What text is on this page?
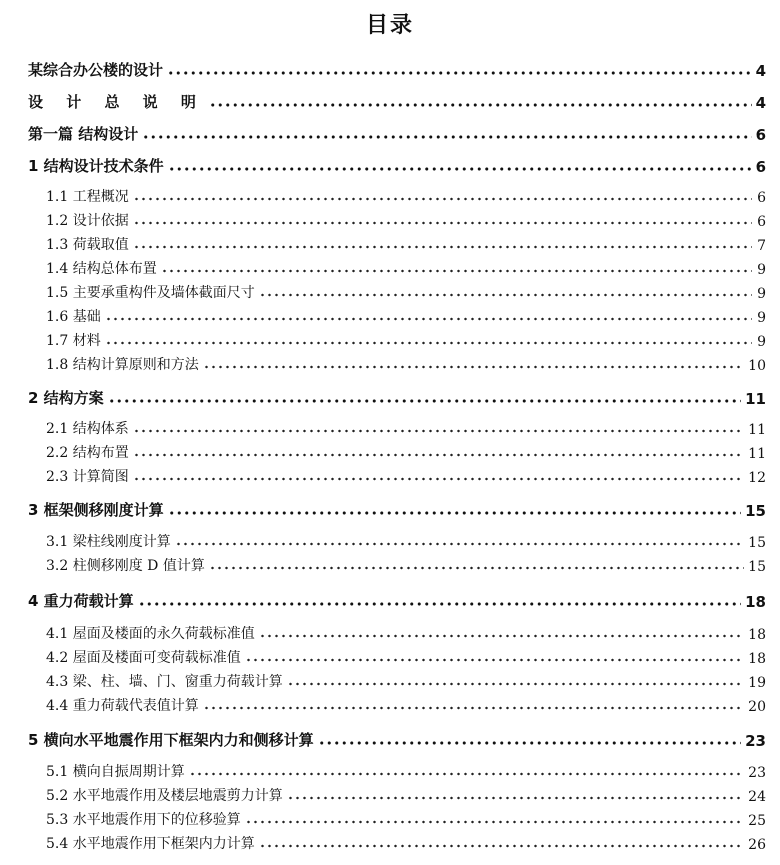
目录
某综合办公楼的设计	4
设 计 总 说 明	4
第一篇 结构设计	6
1 结构设计技术条件	6
1.1 工程概况	6
1.2 设计依据	6
1.3 荷载取值	7
1.4 结构总体布置	9
1.5 主要承重构件及墙体截面尺寸	9
1.6 基础	9
1.7 材料	9
1.8 结构计算原则和方法	10
2 结构方案	11
2.1 结构体系	11
2.2 结构布置	11
2.3 计算简图	12
3 框架侧移刚度计算	15
3.1 梁柱线刚度计算	15
3.2 柱侧移刚度 D 值计算	15
4 重力荷载计算	18
4.1 屋面及楼面的永久荷载标准值	18
4.2 屋面及楼面可变荷载标准值	18
4.3 梁、柱、墙、门、窗重力荷载计算	19
4.4 重力荷载代表值计算	20
5 横向水平地震作用下框架内力和侧移计算	23
5.1 横向自振周期计算	23
5.2 水平地震作用及楼层地震剪力计算	24
5.3 水平地震作用下的位移验算	25
5.4 水平地震作用下框架内力计算	26
